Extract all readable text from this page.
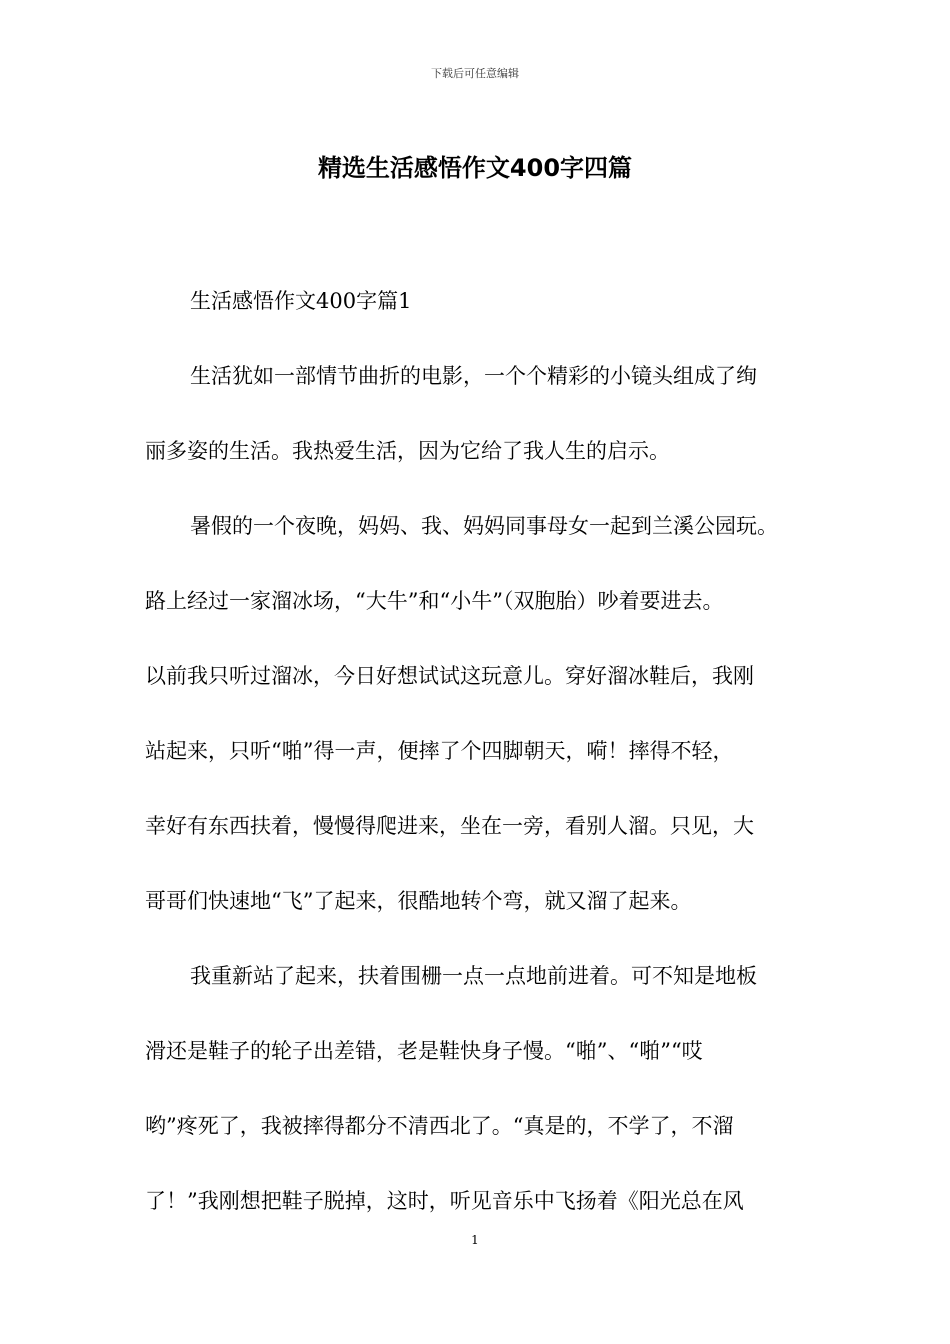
下载后可任意编辑
精选生活感悟作文400字四篇
生活感悟作文400字篇1
生活犹如一部情节曲折的电影，一个个精彩的小镜头组成了绚
丽多姿的生活。我热爱生活，因为它给了我人生的启示。
暑假的一个夜晚，妈妈、我、妈妈同事母女一起到兰溪公园玩。
路上经过一家溜冰场，“大牛”和“小牛”（双胞胎）吵着要进去。
以前我只听过溜冰，今日好想试试这玩意儿。穿好溜冰鞋后，我刚
站起来，只听“啪”得一声，便摔了个四脚朝天，嗬！摔得不轻，
幸好有东西扶着，慢慢得爬进来，坐在一旁，看别人溜。只见，大
哥哥们快速地“飞”了起来，很酷地转个弯，就又溜了起来。
我重新站了起来，扶着围栅一点一点地前进着。可不知是地板
滑还是鞋子的轮子出差错，老是鞋快身子慢。“啪”、“啪”“哎
哟”疼死了，我被摔得都分不清西北了。“真是的，不学了，不溜
了！”我刚想把鞋子脱掉，这时，听见音乐中飞扬着《阳光总在风
1
